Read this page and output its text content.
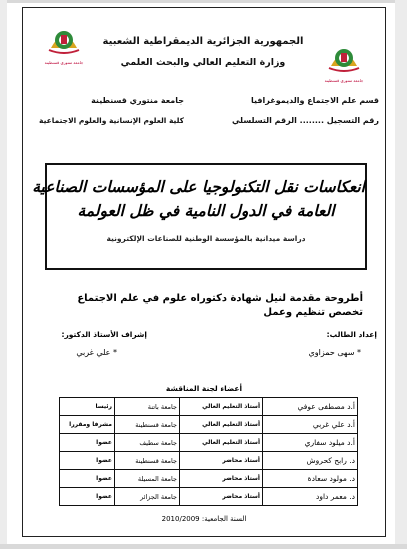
جامعة منتوري قسنطينة
جامعة منتوري قسنطينة
الجمهورية الجزائرية الديمقراطية الشعبية
وزارة التعليم العالي والبحث العلمي
قسم علم الاجتماع والديموغرافيا
رقم التسجيل ........ الرقم التسلسلي
جامعة منتوري قسنطينة
كلية العلوم الإنسانية والعلوم الاجتماعية
انعكاسات نقل التكنولوجيا على المؤسسات الصناعية
العامة في الدول النامية في ظل العولمة
دراسة ميدانية بالمؤسسة الوطنية للصناعات الإلكترونية
أطروحة مقدمة لنيل شهادة دكتوراه علوم في علم الاجتماع تخصص تنظيم وعمل
إعداد الطالب:
إشراف الأستاذ الدكتور:
* سهى حمزاوي
* علي غربي
أعضاء لجنة المناقشة
أ.د مصطفى عوفي	أستاذ التعليم العالي	جامعة باتنة	رئيسا
أ.د علي غربي	أستاذ التعليم العالي	جامعة قسنطينة	مشرفا ومقررا
أ.د ميلود سفاري	أستاذ التعليم العالي	جامعة سطيف	عضوا
د. رابح كحروش	أستاذ محاضر	جامعة قسنطينة	عضوا
د. مولود سعادة	أستاذ محاضر	جامعة المسيلة	عضوا
د. معمر داود	أستاذ محاضر	جامعة الجزائر	عضوا
السنة الجامعية: 2010/2009
